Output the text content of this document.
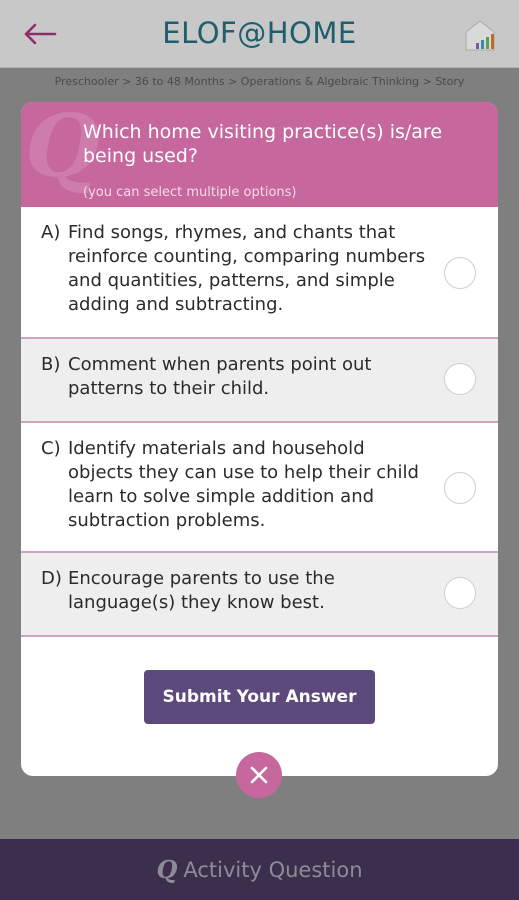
ELOF@HOME
Preschooler > 36 to 48 Months > Operations & Algebraic Thinking > Story
Q
Which home visiting practice(s) is/are being used?
(you can select multiple options)
A) Find songs, rhymes, and chants that reinforce counting, comparing numbers and quantities, patterns, and simple adding and subtracting.
B) Comment when parents point out patterns to their child.
C) Identify materials and household objects they can use to help their child learn to solve simple addition and subtraction problems.
D) Encourage parents to use the language(s) they know best.
Submit Your Answer
Q Activity Question
